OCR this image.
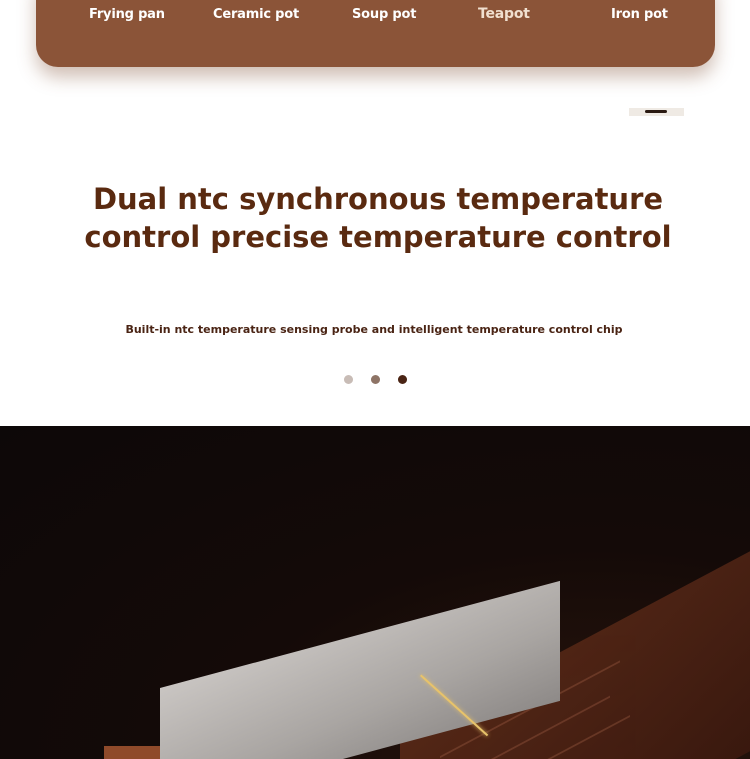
Frying pan	Ceramic pot	Soup pot	Teapot	Iron pot
Dual ntc synchronous temperature
control precise temperature control

Built-in ntc temperature sensing probe and intelligent temperature control chip
